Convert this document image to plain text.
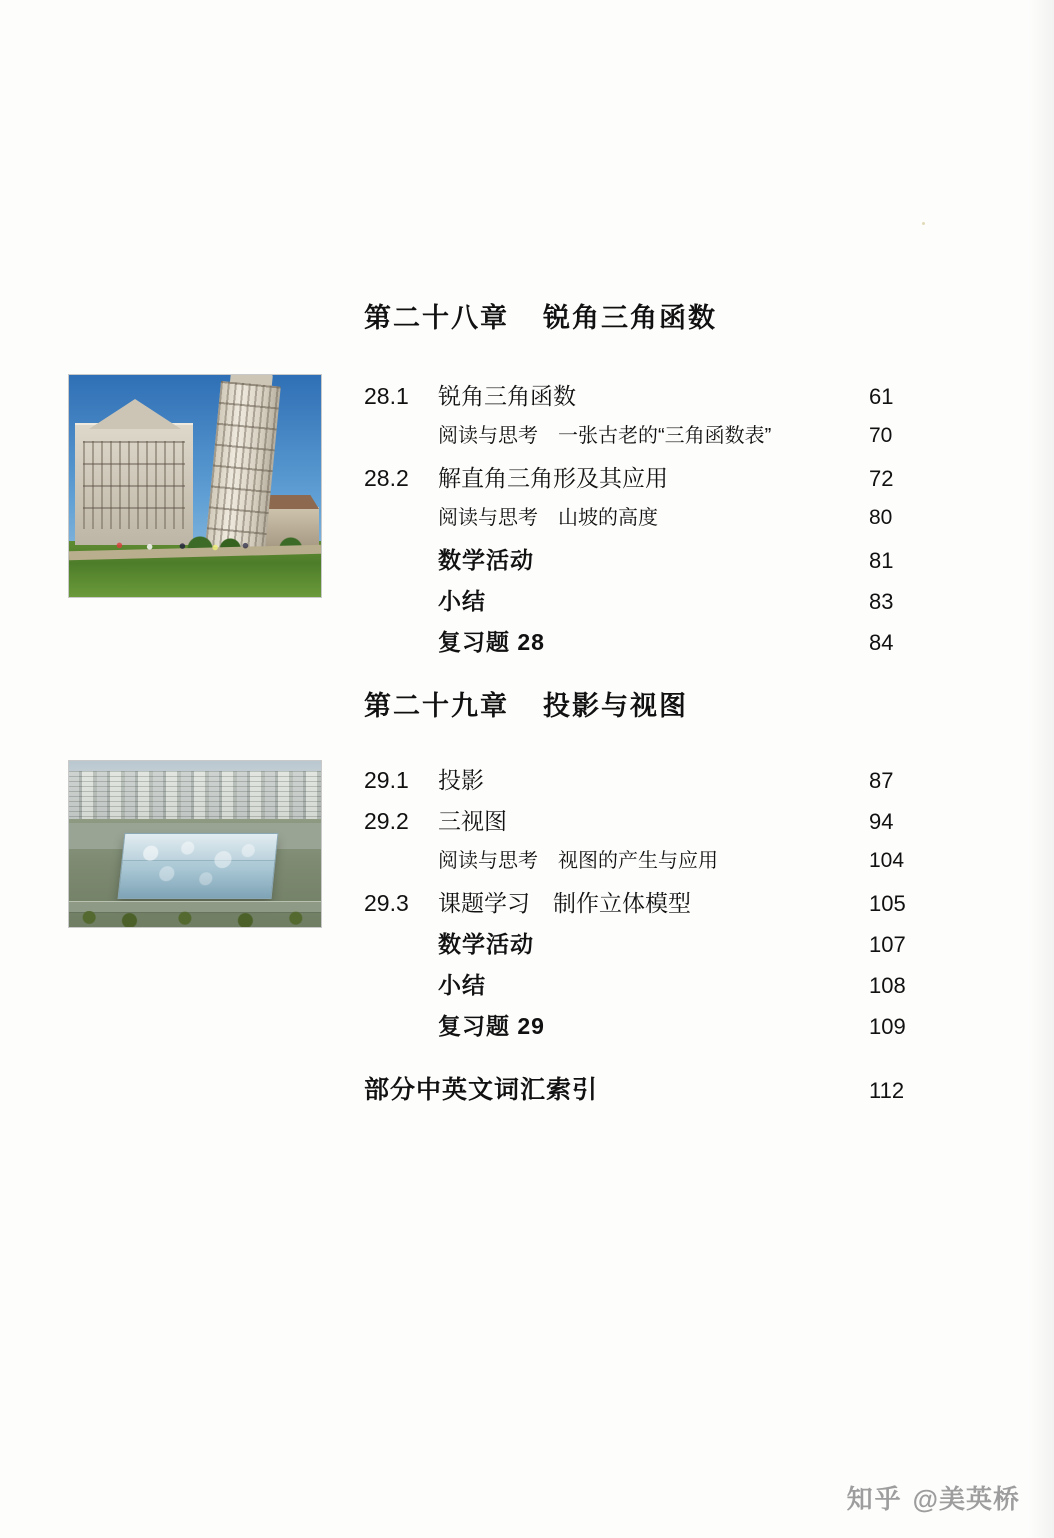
第二十八章 锐角三角函数
28.1	锐角三角函数	61
阅读与思考　一张古老的“三角函数表”	70
28.2	解直角三角形及其应用	72
阅读与思考　山坡的高度	80
数学活动	81
小结	83
复习题 28	84
第二十九章 投影与视图
29.1	投影	87
29.2	三视图	94
阅读与思考　视图的产生与应用	104
29.3	课题学习　制作立体模型	105
数学活动	107
小结	108
复习题 29	109
部分中英文词汇索引	112
知乎 @美英桥
